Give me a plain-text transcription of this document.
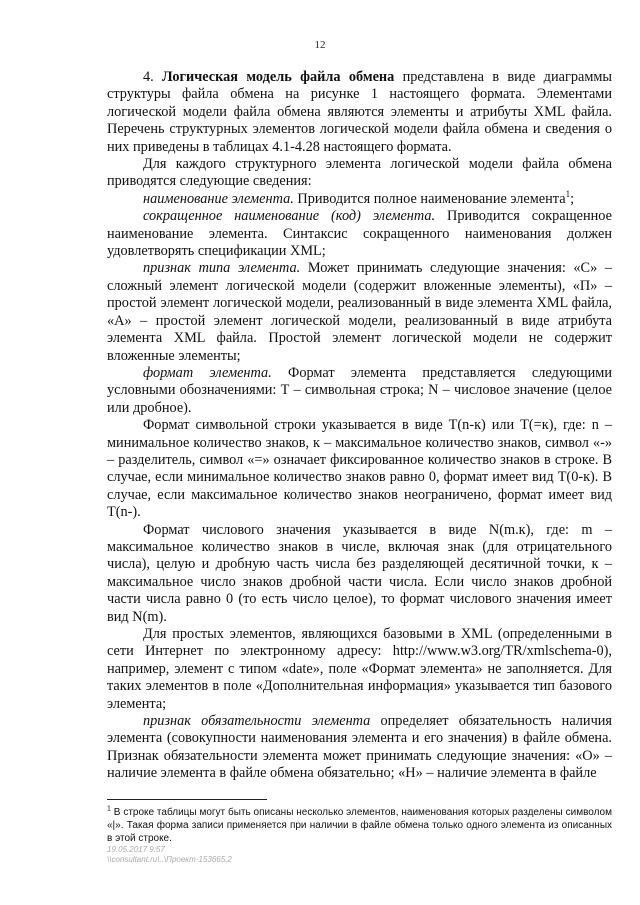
12

4. Логическая модель файла обмена представлена в виде диаграммы структуры файла обмена на рисунке 1 настоящего формата. Элементами логической модели файла обмена являются элементы и атрибуты XML файла. Перечень структурных элементов логической модели файла обмена и сведения о них приведены в таблицах 4.1-4.28 настоящего формата.

Для каждого структурного элемента логической модели файла обмена приводятся следующие сведения:

наименование элемента. Приводится полное наименование элемента$^1$;

сокращенное наименование (код) элемента. Приводится сокращенное наименование элемента. Синтаксис сокращенного наименования должен удовлетворять спецификации XML;

признак типа элемента. Может принимать следующие значения: «С» – сложный элемент логической модели (содержит вложенные элементы), «П» – простой элемент логической модели, реализованный в виде элемента XML файла, «А» – простой элемент логической модели, реализованный в виде атрибута элемента XML файла. Простой элемент логической модели не содержит вложенные элементы;

формат элемента. Формат элемента представляется следующими условными обозначениями: Т – символьная строка; N – числовое значение (целое или дробное).

Формат символьной строки указывается в виде Т(n-к) или Т(=к), где: n – минимальное количество знаков, к – максимальное количество знаков, символ «-» – разделитель, символ «=» означает фиксированное количество знаков в строке. В случае, если минимальное количество знаков равно 0, формат имеет вид Т(0-к). В случае, если максимальное количество знаков неограничено, формат имеет вид Т(n-).

Формат числового значения указывается в виде N(m.к), где: m – максимальное количество знаков в числе, включая знак (для отрицательного числа), целую и дробную часть числа без разделяющей десятичной точки, к – максимальное число знаков дробной части числа. Если число знаков дробной части числа равно 0 (то есть число целое), то формат числового значения имеет вид N(m).

Для простых элементов, являющихся базовыми в XML (определенными в сети Интернет по электронному адресу: http://www.w3.org/TR/xmlschema-0), например, элемент с типом «date», поле «Формат элемента» не заполняется. Для таких элементов в поле «Дополнительная информация» указывается тип базового элемента;

признак обязательности элемента определяет обязательность наличия элемента (совокупности наименования элемента и его значения) в файле обмена. Признак обязательности элемента может принимать следующие значения: «О» – наличие элемента в файле обмена обязательно; «Н» – наличие элемента в файле

$^1$ В строке таблицы могут быть описаны несколько элементов, наименования которых разделены символом «|». Такая форма записи применяется при наличии в файле обмена только одного элемента из описанных в этой строке.
19.05.2017 9:57
\\consultant.ru\..\Проект-153665.2
